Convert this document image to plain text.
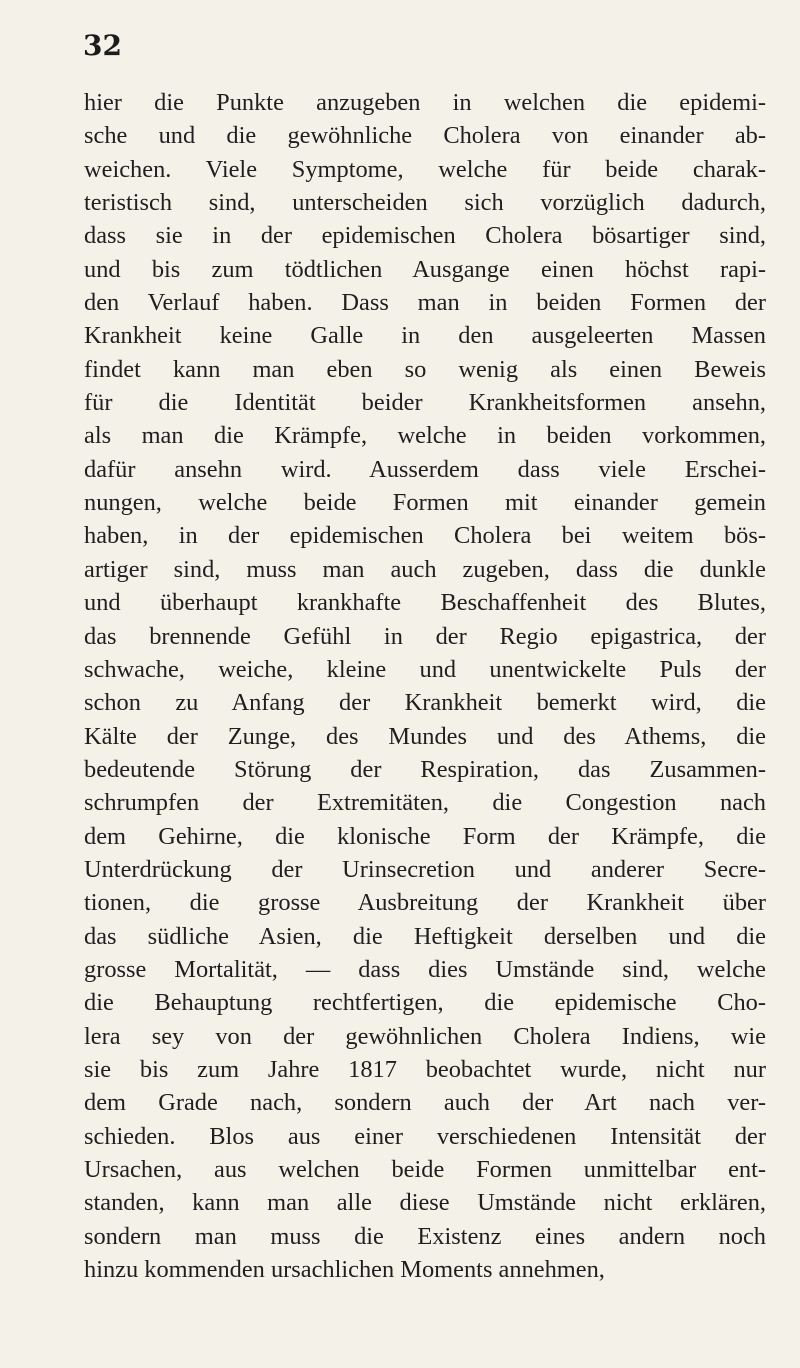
32
hier die Punkte anzugeben in welchen die epidemi-
sche und die gewöhnliche Cholera von einander ab-
weichen. Viele Symptome, welche für beide charak-
teristisch sind, unterscheiden sich vorzüglich dadurch,
dass sie in der epidemischen Cholera bösartiger sind,
und bis zum tödtlichen Ausgange einen höchst rapi-
den Verlauf haben. Dass man in beiden Formen der
Krankheit keine Galle in den ausgeleerten Massen
findet kann man eben so wenig als einen Beweis
für die Identität beider Krankheitsformen ansehn,
als man die Krämpfe, welche in beiden vorkommen,
dafür ansehn wird. Ausserdem dass viele Erschei-
nungen, welche beide Formen mit einander gemein
haben, in der epidemischen Cholera bei weitem bös-
artiger sind, muss man auch zugeben, dass die dunkle
und überhaupt krankhafte Beschaffenheit des Blutes,
das brennende Gefühl in der Regio epigastrica, der
schwache, weiche, kleine und unentwickelte Puls der
schon zu Anfang der Krankheit bemerkt wird, die
Kälte der Zunge, des Mundes und des Athems, die
bedeutende Störung der Respiration, das Zusammen-
schrumpfen der Extremitäten, die Congestion nach
dem Gehirne, die klonische Form der Krämpfe, die
Unterdrückung der Urinsecretion und anderer Secre-
tionen, die grosse Ausbreitung der Krankheit über
das südliche Asien, die Heftigkeit derselben und die
grosse Mortalität, — dass dies Umstände sind, welche
die Behauptung rechtfertigen, die epidemische Cho-
lera sey von der gewöhnlichen Cholera Indiens, wie
sie bis zum Jahre 1817 beobachtet wurde, nicht nur
dem Grade nach, sondern auch der Art nach ver-
schieden. Blos aus einer verschiedenen Intensität der
Ursachen, aus welchen beide Formen unmittelbar ent-
standen, kann man alle diese Umstände nicht erklären,
sondern man muss die Existenz eines andern noch
hinzu kommenden ursachlichen Moments annehmen,
